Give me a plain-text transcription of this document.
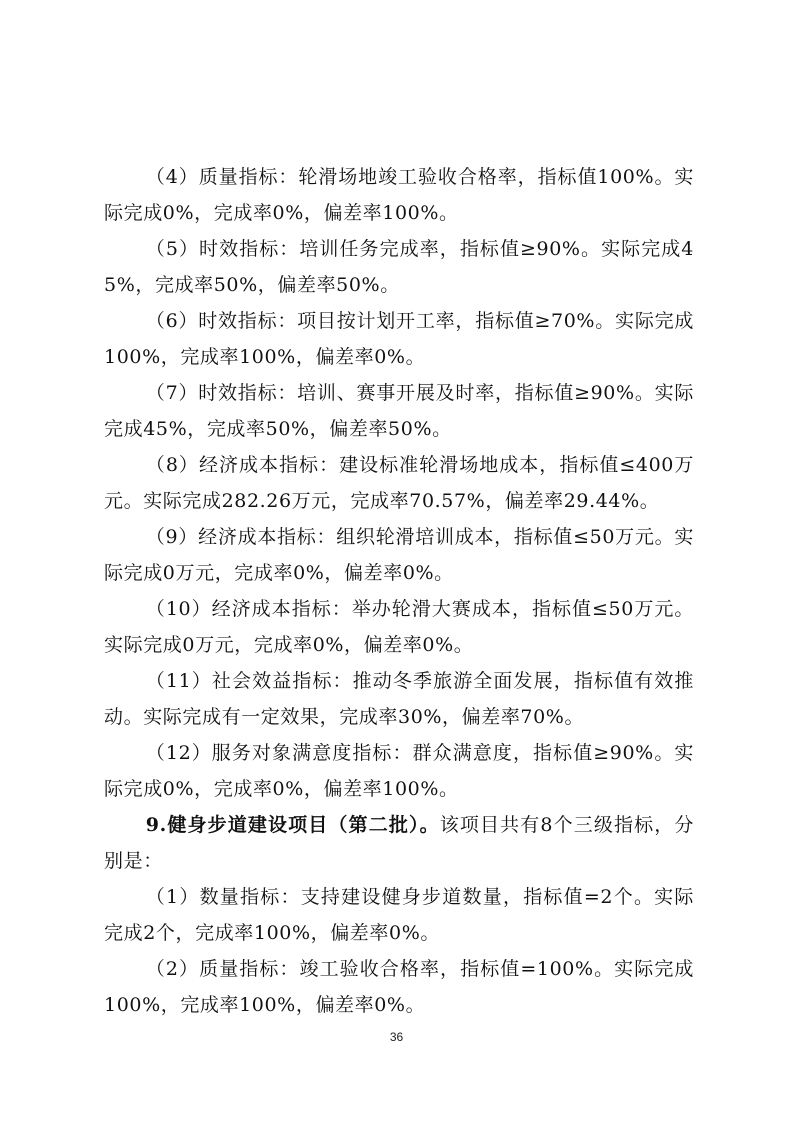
（4）质量指标：轮滑场地竣工验收合格率，指标值100%。实际完成0%，完成率0%，偏差率100%。

（5）时效指标：培训任务完成率，指标值≥90%。实际完成45%，完成率50%，偏差率50%。

（6）时效指标：项目按计划开工率，指标值≥70%。实际完成100%，完成率100%，偏差率0%。

（7）时效指标：培训、赛事开展及时率，指标值≥90%。实际完成45%，完成率50%，偏差率50%。

（8）经济成本指标：建设标准轮滑场地成本，指标值≤400万元。实际完成282.26万元，完成率70.57%，偏差率29.44%。

（9）经济成本指标：组织轮滑培训成本，指标值≤50万元。实际完成0万元，完成率0%，偏差率0%。

（10）经济成本指标：举办轮滑大赛成本，指标值≤50万元。实际完成0万元，完成率0%，偏差率0%。

（11）社会效益指标：推动冬季旅游全面发展，指标值有效推动。实际完成有一定效果，完成率30%，偏差率70%。

（12）服务对象满意度指标：群众满意度，指标值≥90%。实际完成0%，完成率0%，偏差率100%。

9.健身步道建设项目（第二批）。该项目共有8个三级指标，分别是：

（1）数量指标：支持建设健身步道数量，指标值=2个。实际完成2个，完成率100%，偏差率0%。

（2）质量指标：竣工验收合格率，指标值=100%。实际完成100%，完成率100%，偏差率0%。

36
